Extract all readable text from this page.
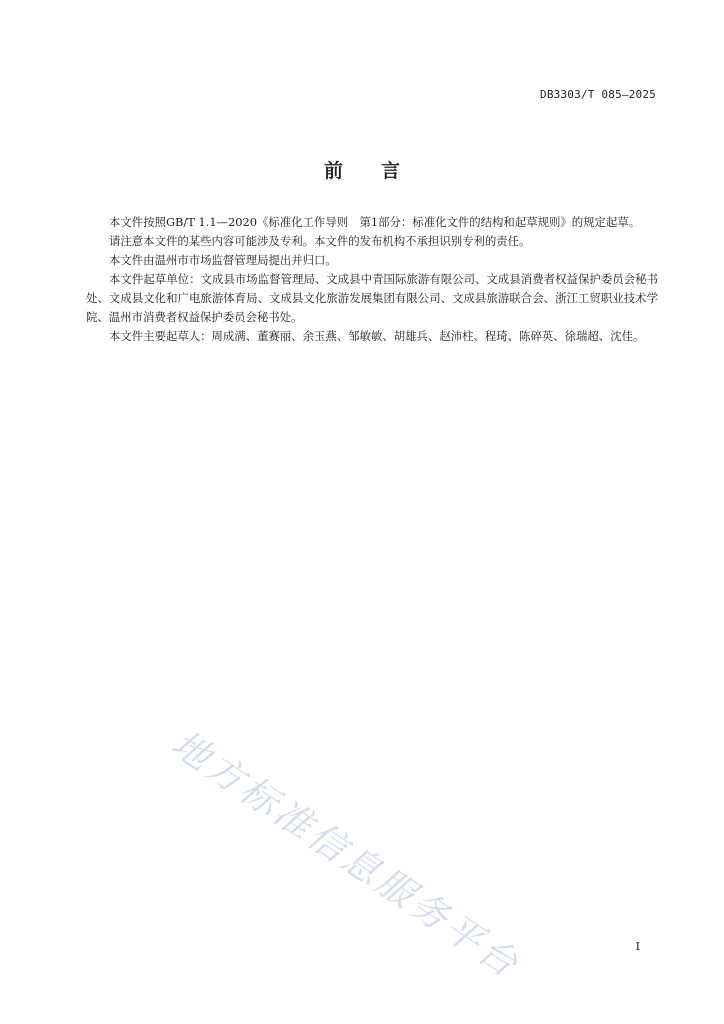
DB3303/T 085—2025
前言

本文件按照GB/T 1.1—2020《标准化工作导则　第1部分：标准化文件的结构和起草规则》的规定起草。

请注意本文件的某些内容可能涉及专利。本文件的发布机构不承担识别专利的责任。

本文件由温州市市场监督管理局提出并归口。

本文件起草单位：文成县市场监督管理局、文成县中青国际旅游有限公司、文成县消费者权益保护委员会秘书处、文成县文化和广电旅游体育局、文成县文化旅游发展集团有限公司、文成县旅游联合会、浙江工贸职业技术学院、温州市消费者权益保护委员会秘书处。

本文件主要起草人：周成满、董赛丽、余玉燕、邹敏敏、胡雄兵、赵沛柱、程琦、陈碎英、徐瑞超、沈佳。

地方标准信息服务平台	I
